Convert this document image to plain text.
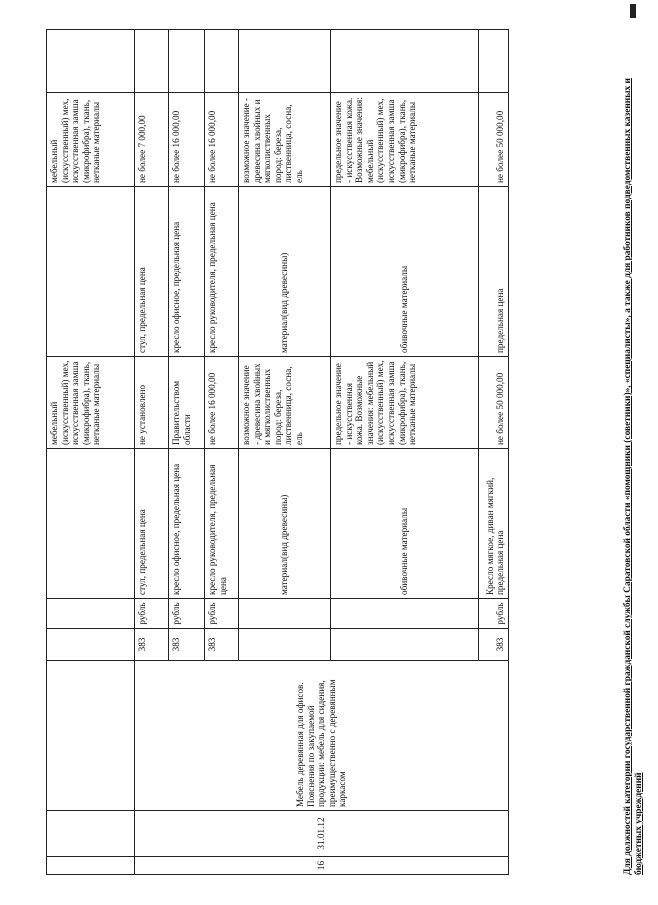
						мебельный (искусственный) мех, искусственная замша (микрофибра), ткань, нетканые материалы		мебельный (искусственный) мех, искусственная замша (микрофибра), ткань, нетканые материалы	
16	31.01.12	Мебель деревянная для офисов. Пояснения по закупаемой продукции: мебель для сидения, преимущественно с деревянным каркасом	383	рубль	стул, предельная цена	не установлено	стул, предельная цена	не более 7 000,00	
			383	рубль	кресло офисное, предельная цена	Правительством области	кресло офисное, предельная цена	не более 16 000,00	
			383	рубль	кресло руководителя, предельная цена	не более 16 000,00	кресло руководителя, предельная цена	не более 16 000,00	
					материал(вид древесины)	возможное значение - древесина хвойных и мягколиственных пород: береза, лиственница, сосна, ель	материал(вид древесины)	возможное значение - древесина хвойных и мягколиственных пород: береза, лиственница, сосна, ель	
					обивочные материалы	предельное значение - искусственная кожа. Возможные значения: мебельный (искусственный) мех, искусственная замша (микрофибра), ткань, нетканые материалы	обивочные материалы	предельное значение - искусственная кожа. Возможные значения: мебельный (искусственный) мех, искусственная замша (микрофибра), ткань, нетканые материалы	
			383	рубль	Кресло мягкое, диван мягкий, предельная цена	не более 50 000,00	предельная цена	не более 50 000,00		Для должностей категории государственной гражданской службы Саратовской области «помощники (советники)», «специалисты», а также для работников подведомственных казенных и бюджетных учреждений
